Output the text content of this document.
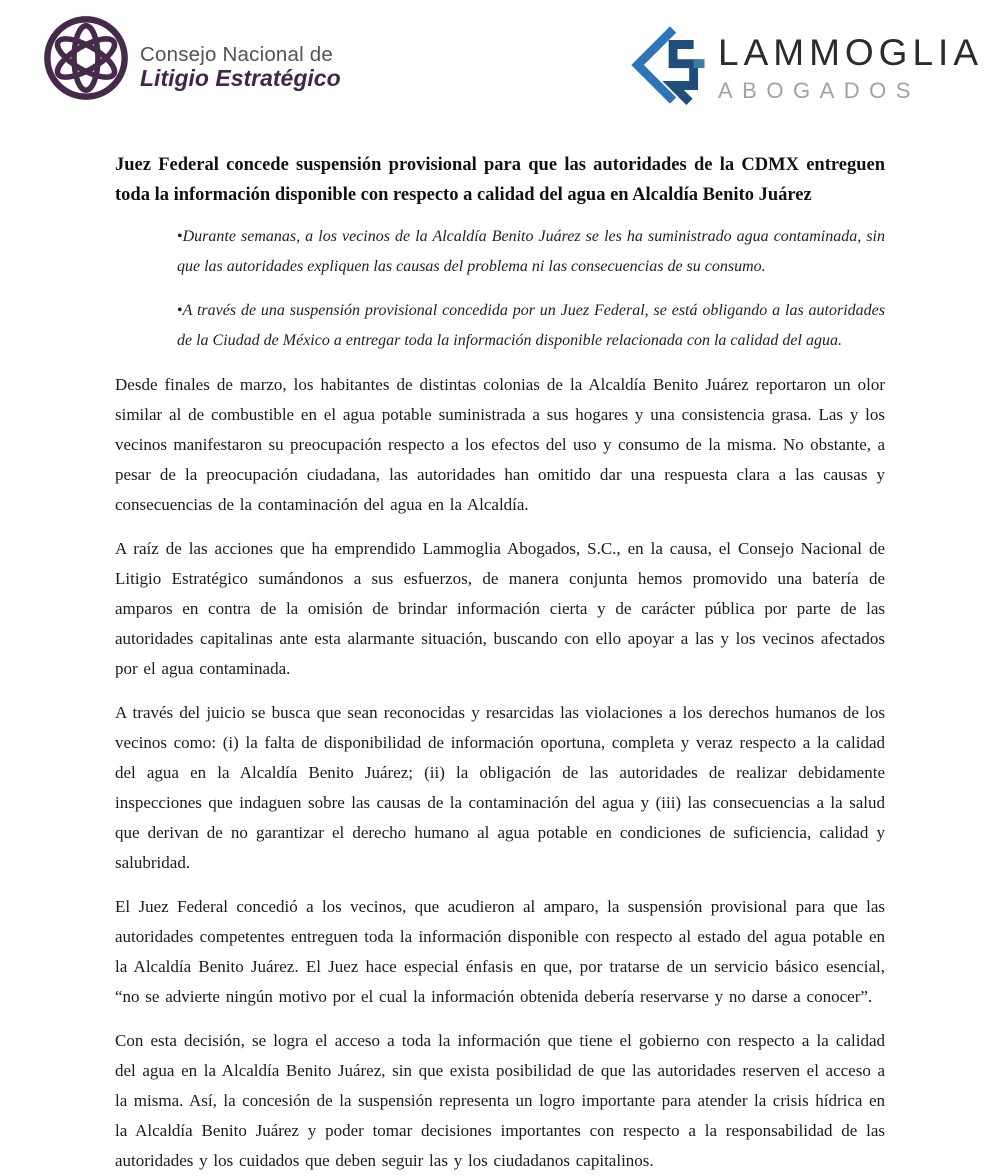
Consejo Nacional de
Litigio Estratégico
LAMMOGLIA
ABOGADOS
Juez Federal concede suspensión provisional para que las autoridades de la CDMX entreguen toda la información disponible con respecto a calidad del agua en Alcaldía Benito Juárez
•Durante semanas, a los vecinos de la Alcaldía Benito Juárez se les ha suministrado agua contaminada, sin que las autoridades expliquen las causas del problema ni las consecuencias de su consumo.
•A través de una suspensión provisional concedida por un Juez Federal, se está obligando a las autoridades de la Ciudad de México a entregar toda la información disponible relacionada con la calidad del agua.

Desde finales de marzo, los habitantes de distintas colonias de la Alcaldía Benito Juárez reportaron un olor similar al de combustible en el agua potable suministrada a sus hogares y una consistencia grasa. Las y los vecinos manifestaron su preocupación respecto a los efectos del uso y consumo de la misma. No obstante, a pesar de la preocupación ciudadana, las autoridades han omitido dar una respuesta clara a las causas y consecuencias de la contaminación del agua en la Alcaldía.

A raíz de las acciones que ha emprendido Lammoglia Abogados, S.C., en la causa, el Consejo Nacional de Litigio Estratégico sumándonos a sus esfuerzos, de manera conjunta hemos promovido una batería de amparos en contra de la omisión de brindar información cierta y de carácter pública por parte de las autoridades capitalinas ante esta alarmante situación, buscando con ello apoyar a las y los vecinos afectados por el agua contaminada.

A través del juicio se busca que sean reconocidas y resarcidas las violaciones a los derechos humanos de los vecinos como: (i) la falta de disponibilidad de información oportuna, completa y veraz respecto a la calidad del agua en la Alcaldía Benito Juárez; (ii) la obligación de las autoridades de realizar debidamente inspecciones que indaguen sobre las causas de la contaminación del agua y (iii) las consecuencias a la salud que derivan de no garantizar el derecho humano al agua potable en condiciones de suficiencia, calidad y salubridad.

El Juez Federal concedió a los vecinos, que acudieron al amparo, la suspensión provisional para que las autoridades competentes entreguen toda la información disponible con respecto al estado del agua potable en la Alcaldía Benito Juárez. El Juez hace especial énfasis en que, por tratarse de un servicio básico esencial, “no se advierte ningún motivo por el cual la información obtenida debería reservarse y no darse a conocer”.

Con esta decisión, se logra el acceso a toda la información que tiene el gobierno con respecto a la calidad del agua en la Alcaldía Benito Juárez, sin que exista posibilidad de que las autoridades reserven el acceso a la misma. Así, la concesión de la suspensión representa un logro importante para atender la crisis hídrica en la Alcaldía Benito Juárez y poder tomar decisiones importantes con respecto a la responsabilidad de las autoridades y los cuidados que deben seguir las y los ciudadanos capitalinos.
